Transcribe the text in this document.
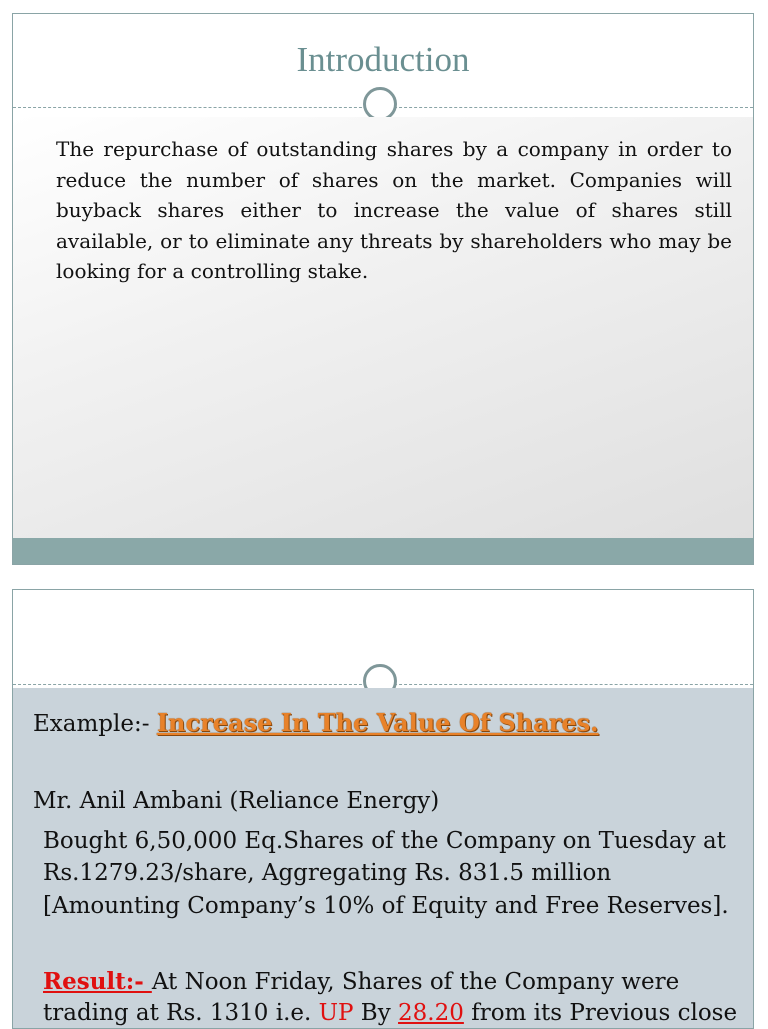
Introduction
The repurchase of outstanding shares by a company in order to reduce the number of shares on the market. Companies will buyback shares either to increase the value of shares still available, or to eliminate any threats by shareholders who may be looking for a controlling stake.
Example:- Increase In The Value Of Shares.
Mr. Anil Ambani (Reliance Energy)
Bought 6,50,000 Eq.Shares of the Company on Tuesday at
Rs.1279.23/share, Aggregating Rs. 831.5 million
[Amounting Company’s 10% of Equity and Free Reserves].
Result:- At Noon Friday, Shares of the Company were
trading at Rs. 1310 i.e. UP By 28.20 from its Previous close
